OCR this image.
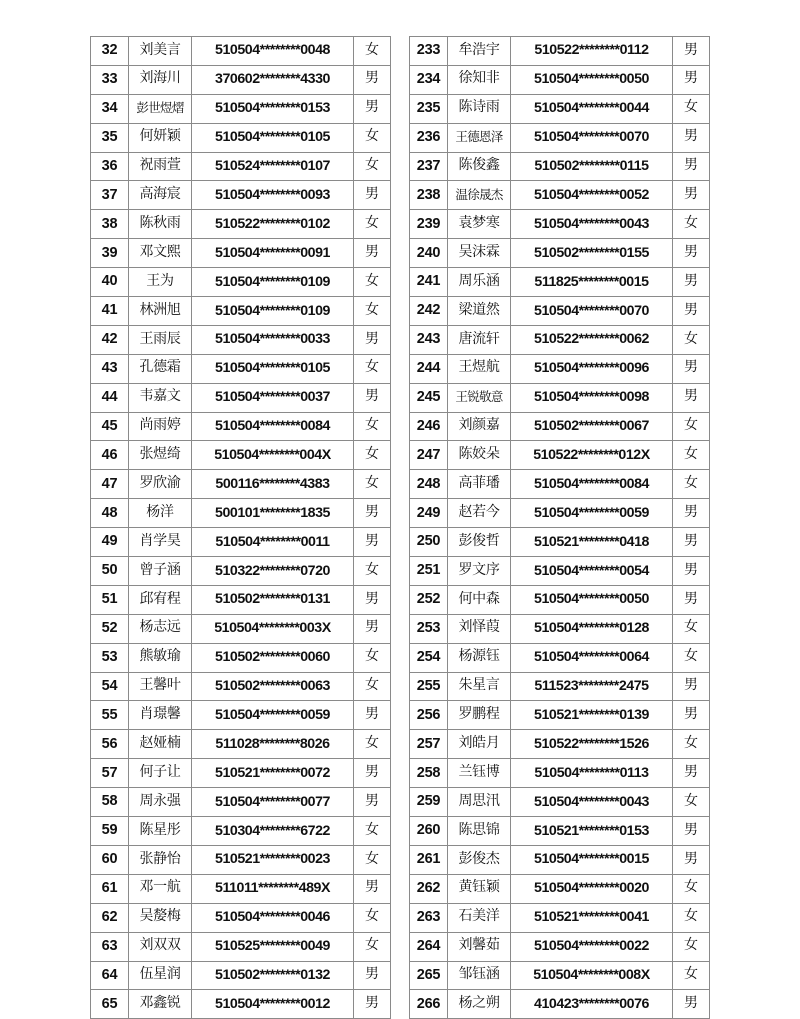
32	刘美言	510504********0048	女
33	刘海川	370602********4330	男
34	彭世煜熠	510504********0153	男
35	何妍颖	510504********0105	女
36	祝雨萱	510524********0107	女
37	高海宸	510504********0093	男
38	陈秋雨	510522********0102	女
39	邓文熙	510504********0091	男
40	王为	510504********0109	女
41	林洲旭	510504********0109	女
42	王雨辰	510504********0033	男
43	孔德霜	510504********0105	女
44	韦嘉文	510504********0037	男
45	尚雨婷	510504********0084	女
46	张煜绮	510504********004X	女
47	罗欣渝	500116********4383	女
48	杨洋	500101********1835	男
49	肖学昊	510504********0011	男
50	曾子涵	510322********0720	女
51	邱宥程	510502********0131	男
52	杨志远	510504********003X	男
53	熊敏瑜	510502********0060	女
54	王馨叶	510502********0063	女
55	肖璟馨	510504********0059	男
56	赵娅楠	511028********8026	女
57	何子让	510521********0072	男
58	周永强	510504********0077	男
59	陈星彤	510304********6722	女
60	张静怡	510521********0023	女
61	邓一航	511011********489X	男
62	吴嫠梅	510504********0046	女
63	刘双双	510525********0049	女
64	伍星润	510502********0132	男
65	邓鑫锐	510504********0012	男
233	牟浩宇	510522********0112	男
234	徐知非	510504********0050	男
235	陈诗雨	510504********0044	女
236	王德恩泽	510504********0070	男
237	陈俊鑫	510502********0115	男
238	温徐晟杰	510504********0052	男
239	袁梦寒	510504********0043	女
240	吴沫霖	510502********0155	男
241	周乐涵	511825********0015	男
242	梁道然	510504********0070	男
243	唐流轩	510522********0062	女
244	王煜航	510504********0096	男
245	王锐敬意	510504********0098	男
246	刘颜嘉	510502********0067	女
247	陈姣朵	510522********012X	女
248	高菲璠	510504********0084	女
249	赵若今	510504********0059	男
250	彭俊哲	510521********0418	男
251	罗文序	510504********0054	男
252	何中森	510504********0050	男
253	刘怿葭	510504********0128	女
254	杨源钰	510504********0064	女
255	朱星言	511523********2475	男
256	罗鹏程	510521********0139	男
257	刘皓月	510522********1526	女
258	兰钰博	510504********0113	男
259	周思汛	510504********0043	女
260	陈思锦	510521********0153	男
261	彭俊杰	510504********0015	男
262	黄钰颖	510504********0020	女
263	石美洋	510521********0041	女
264	刘馨茹	510504********0022	女
265	邹钰涵	510504********008X	女
266	杨之朔	410423********0076	男
